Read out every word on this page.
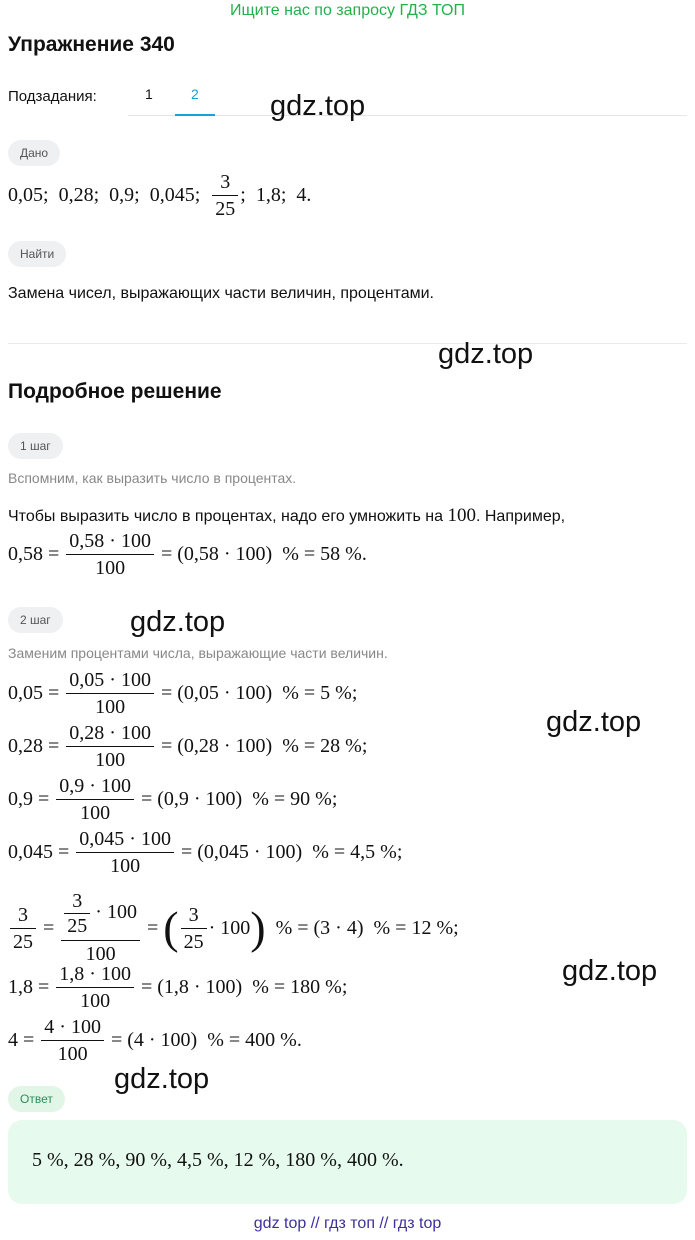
Ищите нас по запросу ГДЗ ТОП
Упражнение 340
Подзадания:	1	2
Дано
0,05 ; 0,28 ; 0,9 ; 0,045 ; $\frac{3}{25}$ ; 1,8 ; 4.
Найти
Замена чисел, выражающих части величин, процентами.
Подробное решение
1 шаг
Вспомним, как выразить число в процентах.
Чтобы выразить число в процентах, надо его умножить на 100. Например,
$0,58 = \frac{0,58 \cdot 100}{100} = (0,58 \cdot 100)$ % = 58 %.
2 шаг
Заменим процентами числа, выражающие части величин.
$0,05 = \frac{0,05 \cdot 100}{100} = (0,05 \cdot 100)$ % = 5 %;
$0,28 = \frac{0,28 \cdot 100}{100} = (0,28 \cdot 100)$ % = 28 %;
$0,9 = \frac{0,9 \cdot 100}{100} = (0,9 \cdot 100)$ % = 90 %;
$0,045 = \frac{0,045 \cdot 100}{100} = (0,045 \cdot 100)$ % = 4,5 %;
$\frac{3}{25} = \frac{\frac{3}{25} \cdot 100}{100}$ = ( $\frac{3}{25} \cdot 100$ ) % = (3 · 4) % = 12 %;
$1,8 = \frac{1,8 \cdot 100}{100} = (1,8 \cdot 100)$ % = 180 %;
$4 = \frac{4 \cdot 100}{100} = (4 \cdot 100)$ % = 400 %.
Ответ
5 %, 28 %, 90 %, 4,5 %, 12 %, 180 %, 400 %.
gdz top // гдз топ // гдз top
gdz.top
gdz.top
gdz.top
gdz.top
gdz.top
gdz.top
